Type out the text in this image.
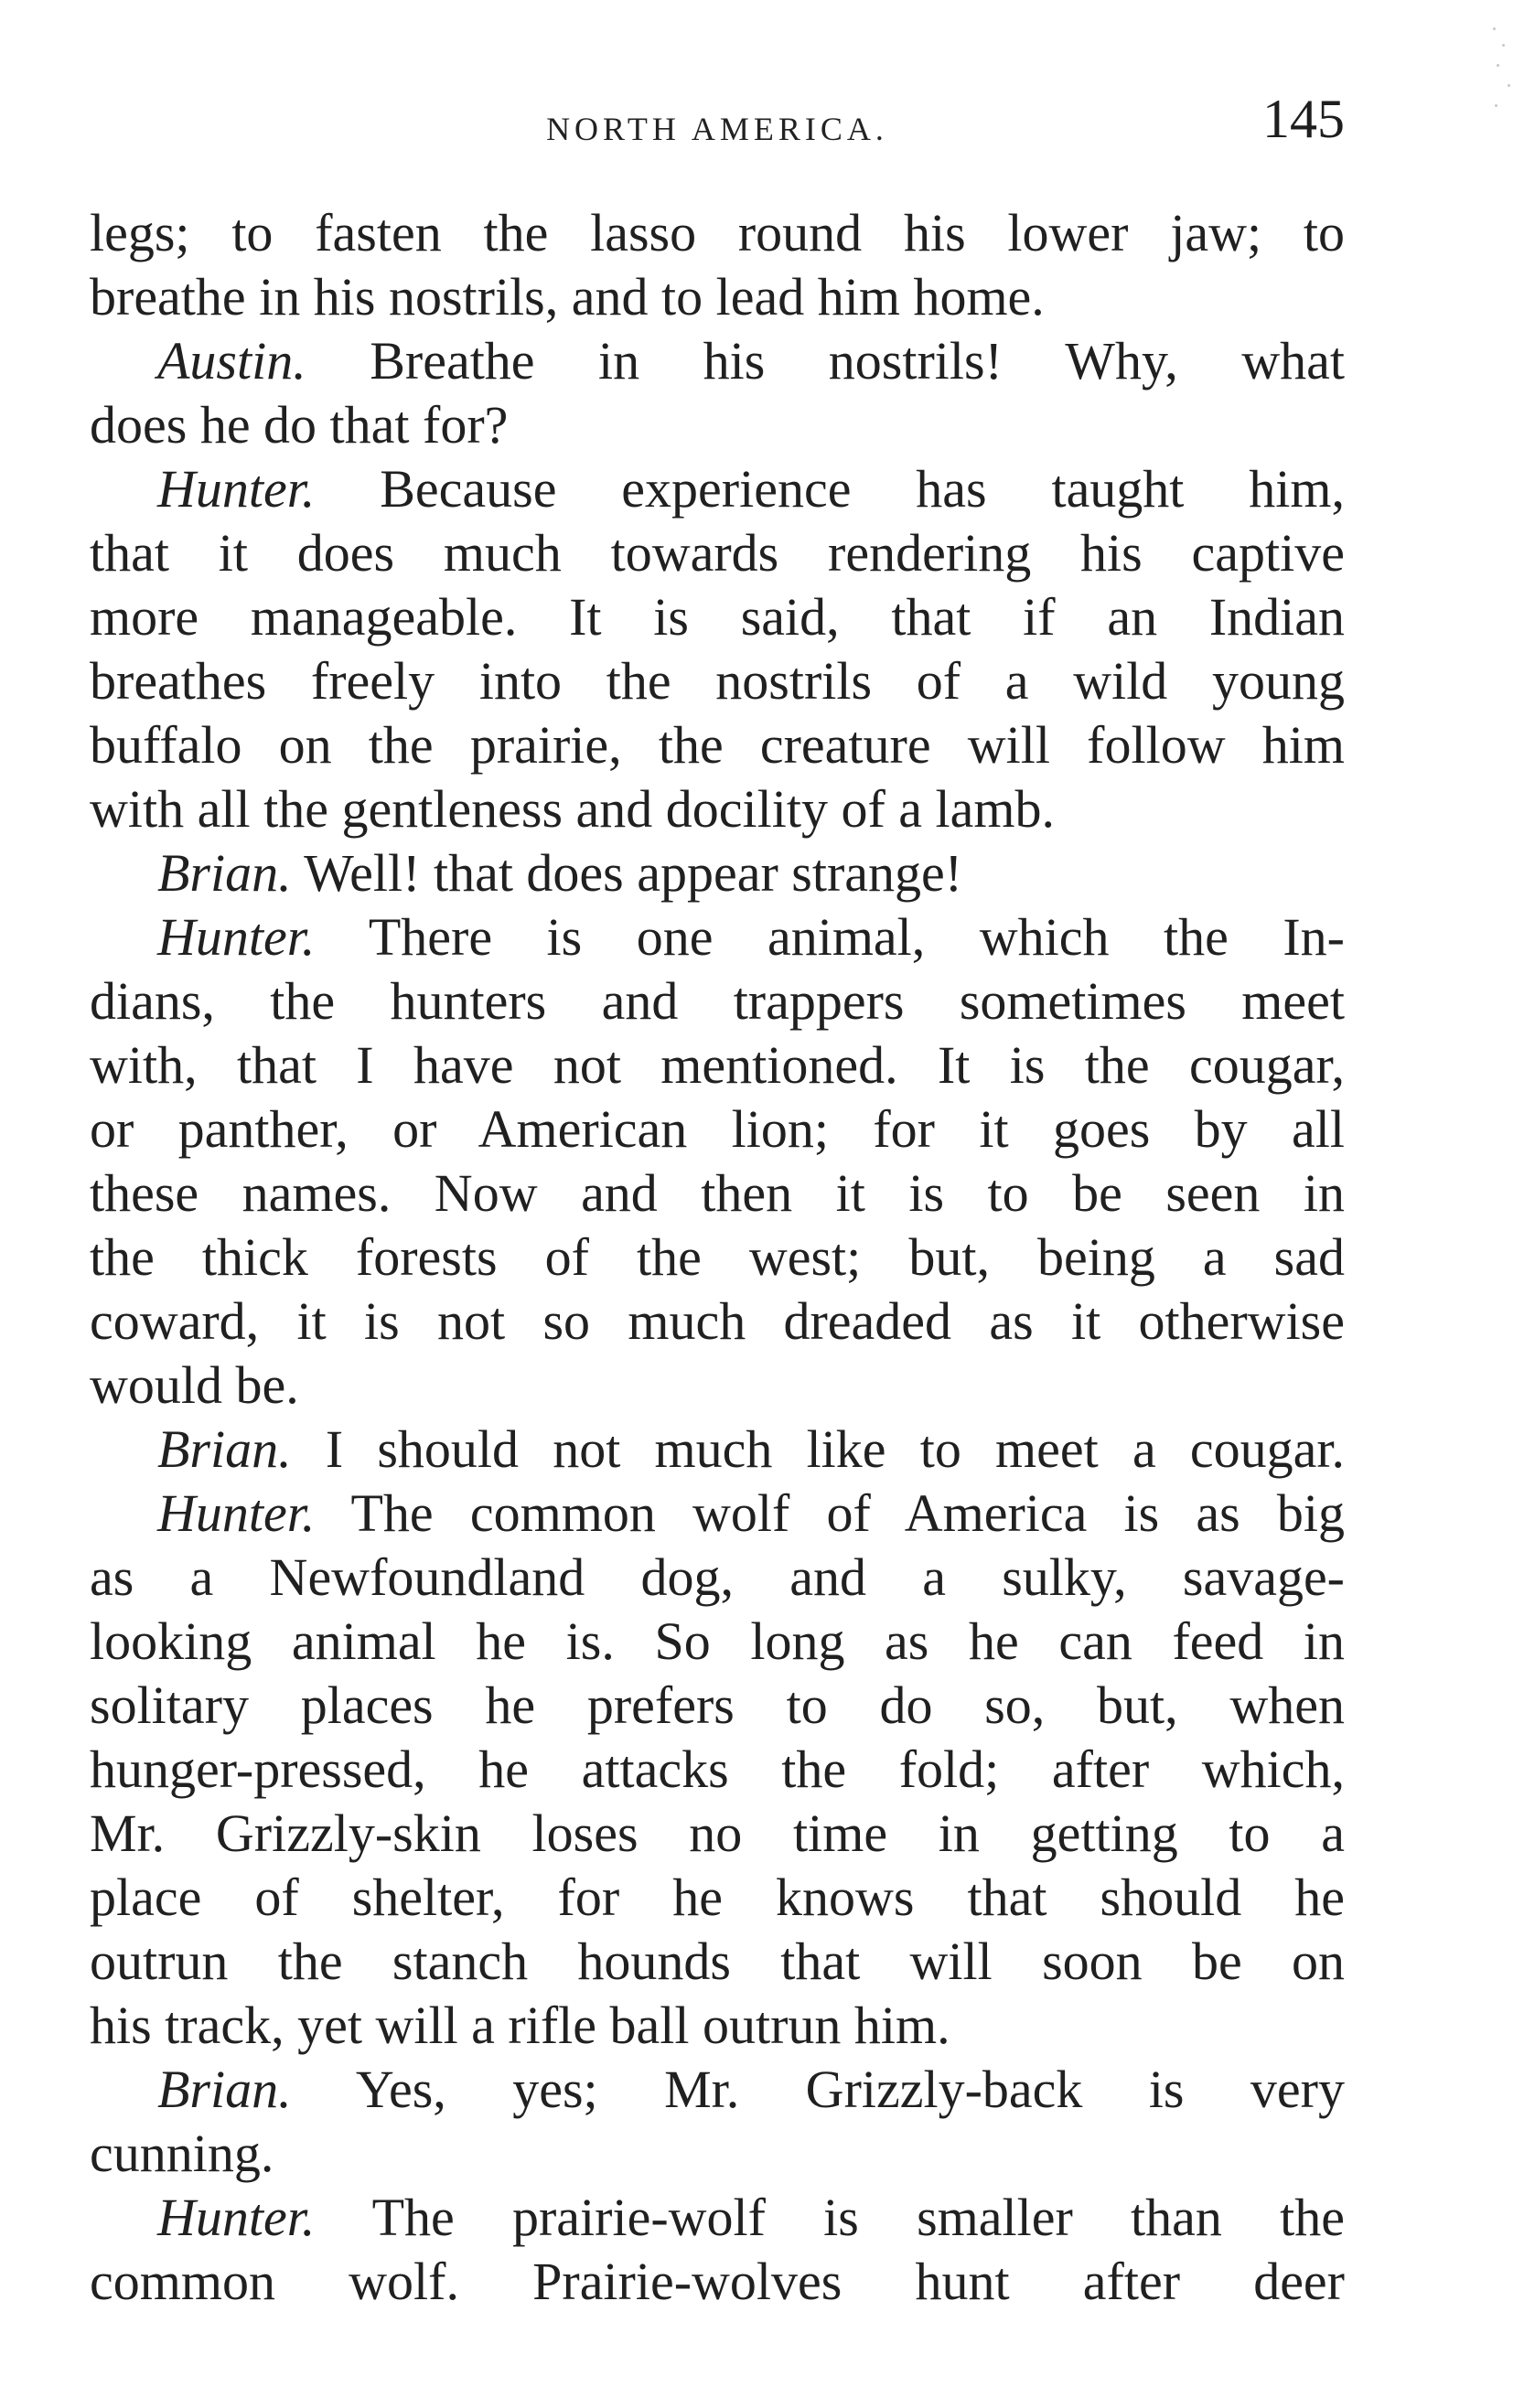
NORTH AMERICA.	145
legs; to fasten the lasso round his lower jaw; to
breathe in his nostrils, and to lead him home.
Austin. Breathe in his nostrils! Why, what
does he do that for?
Hunter. Because experience has taught him,
that it does much towards rendering his captive
more manageable. It is said, that if an Indian
breathes freely into the nostrils of a wild young
buffalo on the prairie, the creature will follow him
with all the gentleness and docility of a lamb.
Brian. Well! that does appear strange!
Hunter. There is one animal, which the In-
dians, the hunters and trappers sometimes meet
with, that I have not mentioned. It is the cougar,
or panther, or American lion; for it goes by all
these names. Now and then it is to be seen in
the thick forests of the west; but, being a sad
coward, it is not so much dreaded as it otherwise
would be.
Brian. I should not much like to meet a cougar.
Hunter. The common wolf of America is as big
as a Newfoundland dog, and a sulky, savage-
looking animal he is. So long as he can feed in
solitary places he prefers to do so, but, when
hunger-pressed, he attacks the fold; after which,
Mr. Grizzly-skin loses no time in getting to a
place of shelter, for he knows that should he
outrun the stanch hounds that will soon be on
his track, yet will a rifle ball outrun him.
Brian. Yes, yes; Mr. Grizzly-back is very
cunning.
Hunter. The prairie-wolf is smaller than the
common wolf. Prairie-wolves hunt after deer
